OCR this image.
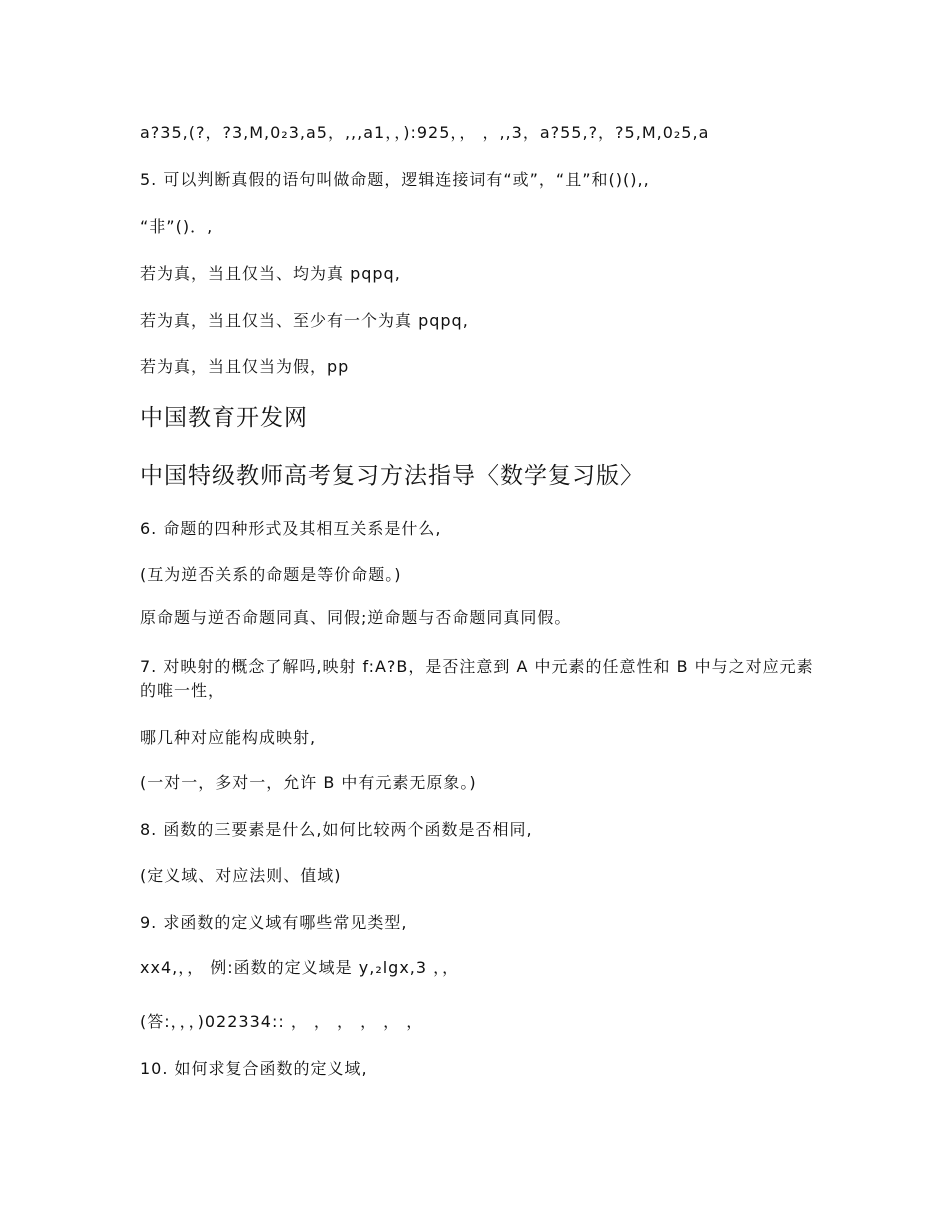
a?35,(?，?3,M,0₂3,a5，,,,a1，，):925，， ，,,3，a?55,?，?5,M,0₂5,a
5. 可以判断真假的语句叫做命题，逻辑连接词有“或”，“且”和()(),,
“非”()．,
若为真，当且仅当、均为真 pqpq,
若为真，当且仅当、至少有一个为真 pqpq,
若为真，当且仅当为假，pp
中国教育开发网
中国特级教师高考复习方法指导〈数学复习版〉
6. 命题的四种形式及其相互关系是什么,
(互为逆否关系的命题是等价命题。)
原命题与逆否命题同真、同假;逆命题与否命题同真同假。
7. 对映射的概念了解吗,映射 f:A?B，是否注意到 A 中元素的任意性和 B 中与之对应元素的唯一性，
哪几种对应能构成映射,
(一对一，多对一，允许 B 中有元素无原象。)
8. 函数的三要素是什么,如何比较两个函数是否相同,
(定义域、对应法则、值域)
9. 求函数的定义域有哪些常见类型,
xx4,，， 例:函数的定义域是 y,₂lgx,3 ，，
(答:，，，)022334:: ， ， ， ， ， ，
10. 如何求复合函数的定义域,
